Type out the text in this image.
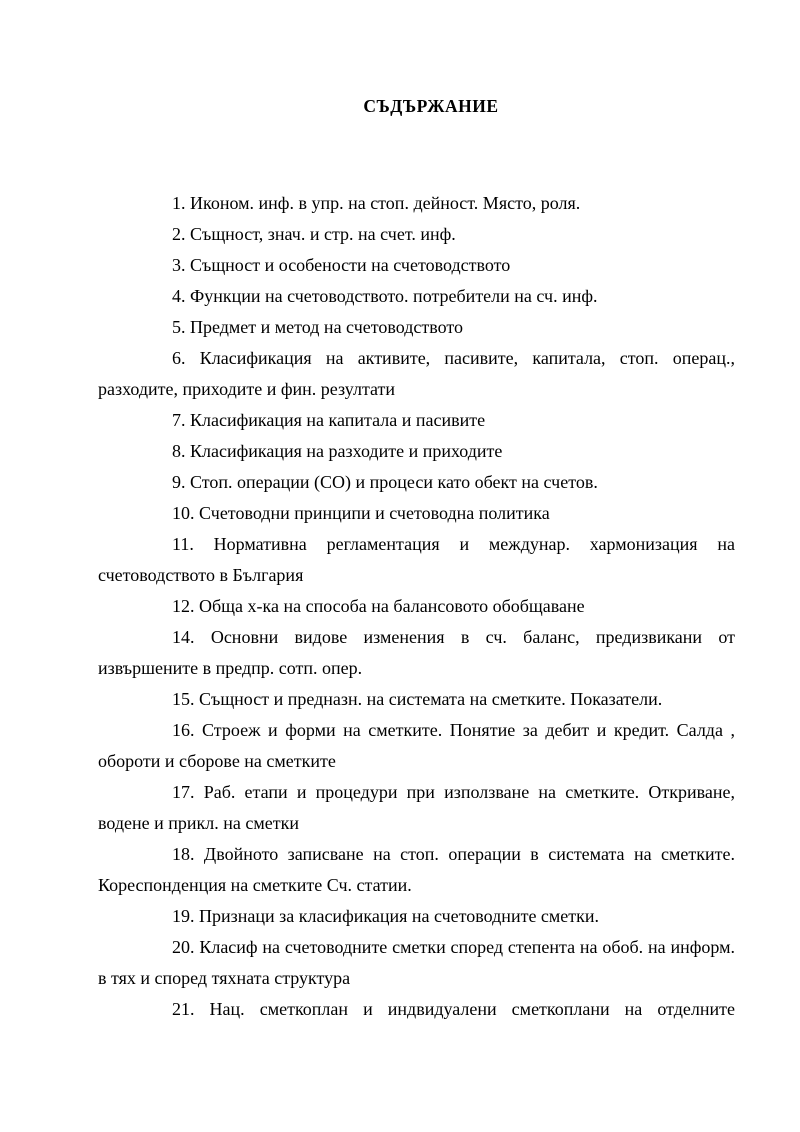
СЪДЪРЖАНИЕ
1. Иконом. инф. в упр. на стоп. дейност. Място, роля.
2. Същност, знач. и стр. на счет. инф.
3. Същност и особености на счетоводството
4. Функции на счетоводството. потребители на сч. инф.
5. Предмет и метод на счетоводството
6. Класификация на активите, пасивите, капитала, стоп. операц., разходите, приходите и фин. резултати
7. Класификация на капитала и пасивите
8. Класификация на разходите и приходите
9. Стоп. операции (СО) и процеси като обект на счетов.
10. Счетоводни принципи и счетоводна политика
11. Нормативна регламентация и междунар. хармонизация на счетоводството в България
12. Обща х-ка на способа на балансовото обобщаване
14. Основни видове изменения в сч. баланс, предизвикани от извършените в предпр. сотп. опер.
15. Същност и предназн. на системата на сметките. Показатели.
16. Строеж и форми на сметките. Понятие за дебит и кредит. Салда , обороти и сборове на сметките
17. Раб. етапи и процедури при използване на сметките. Откриване, водене и прикл. на сметки
18. Двойното записване на стоп. операции в системата на сметките. Кореспонденция на сметките Сч. статии.
19. Признаци за класификация на счетоводните сметки.
20. Класиф на счетоводните сметки според степента на обоб. на информ. в тях и според тяхната структура
21. Нац. сметкоплан и индвидуалени сметкоплани на отделните
